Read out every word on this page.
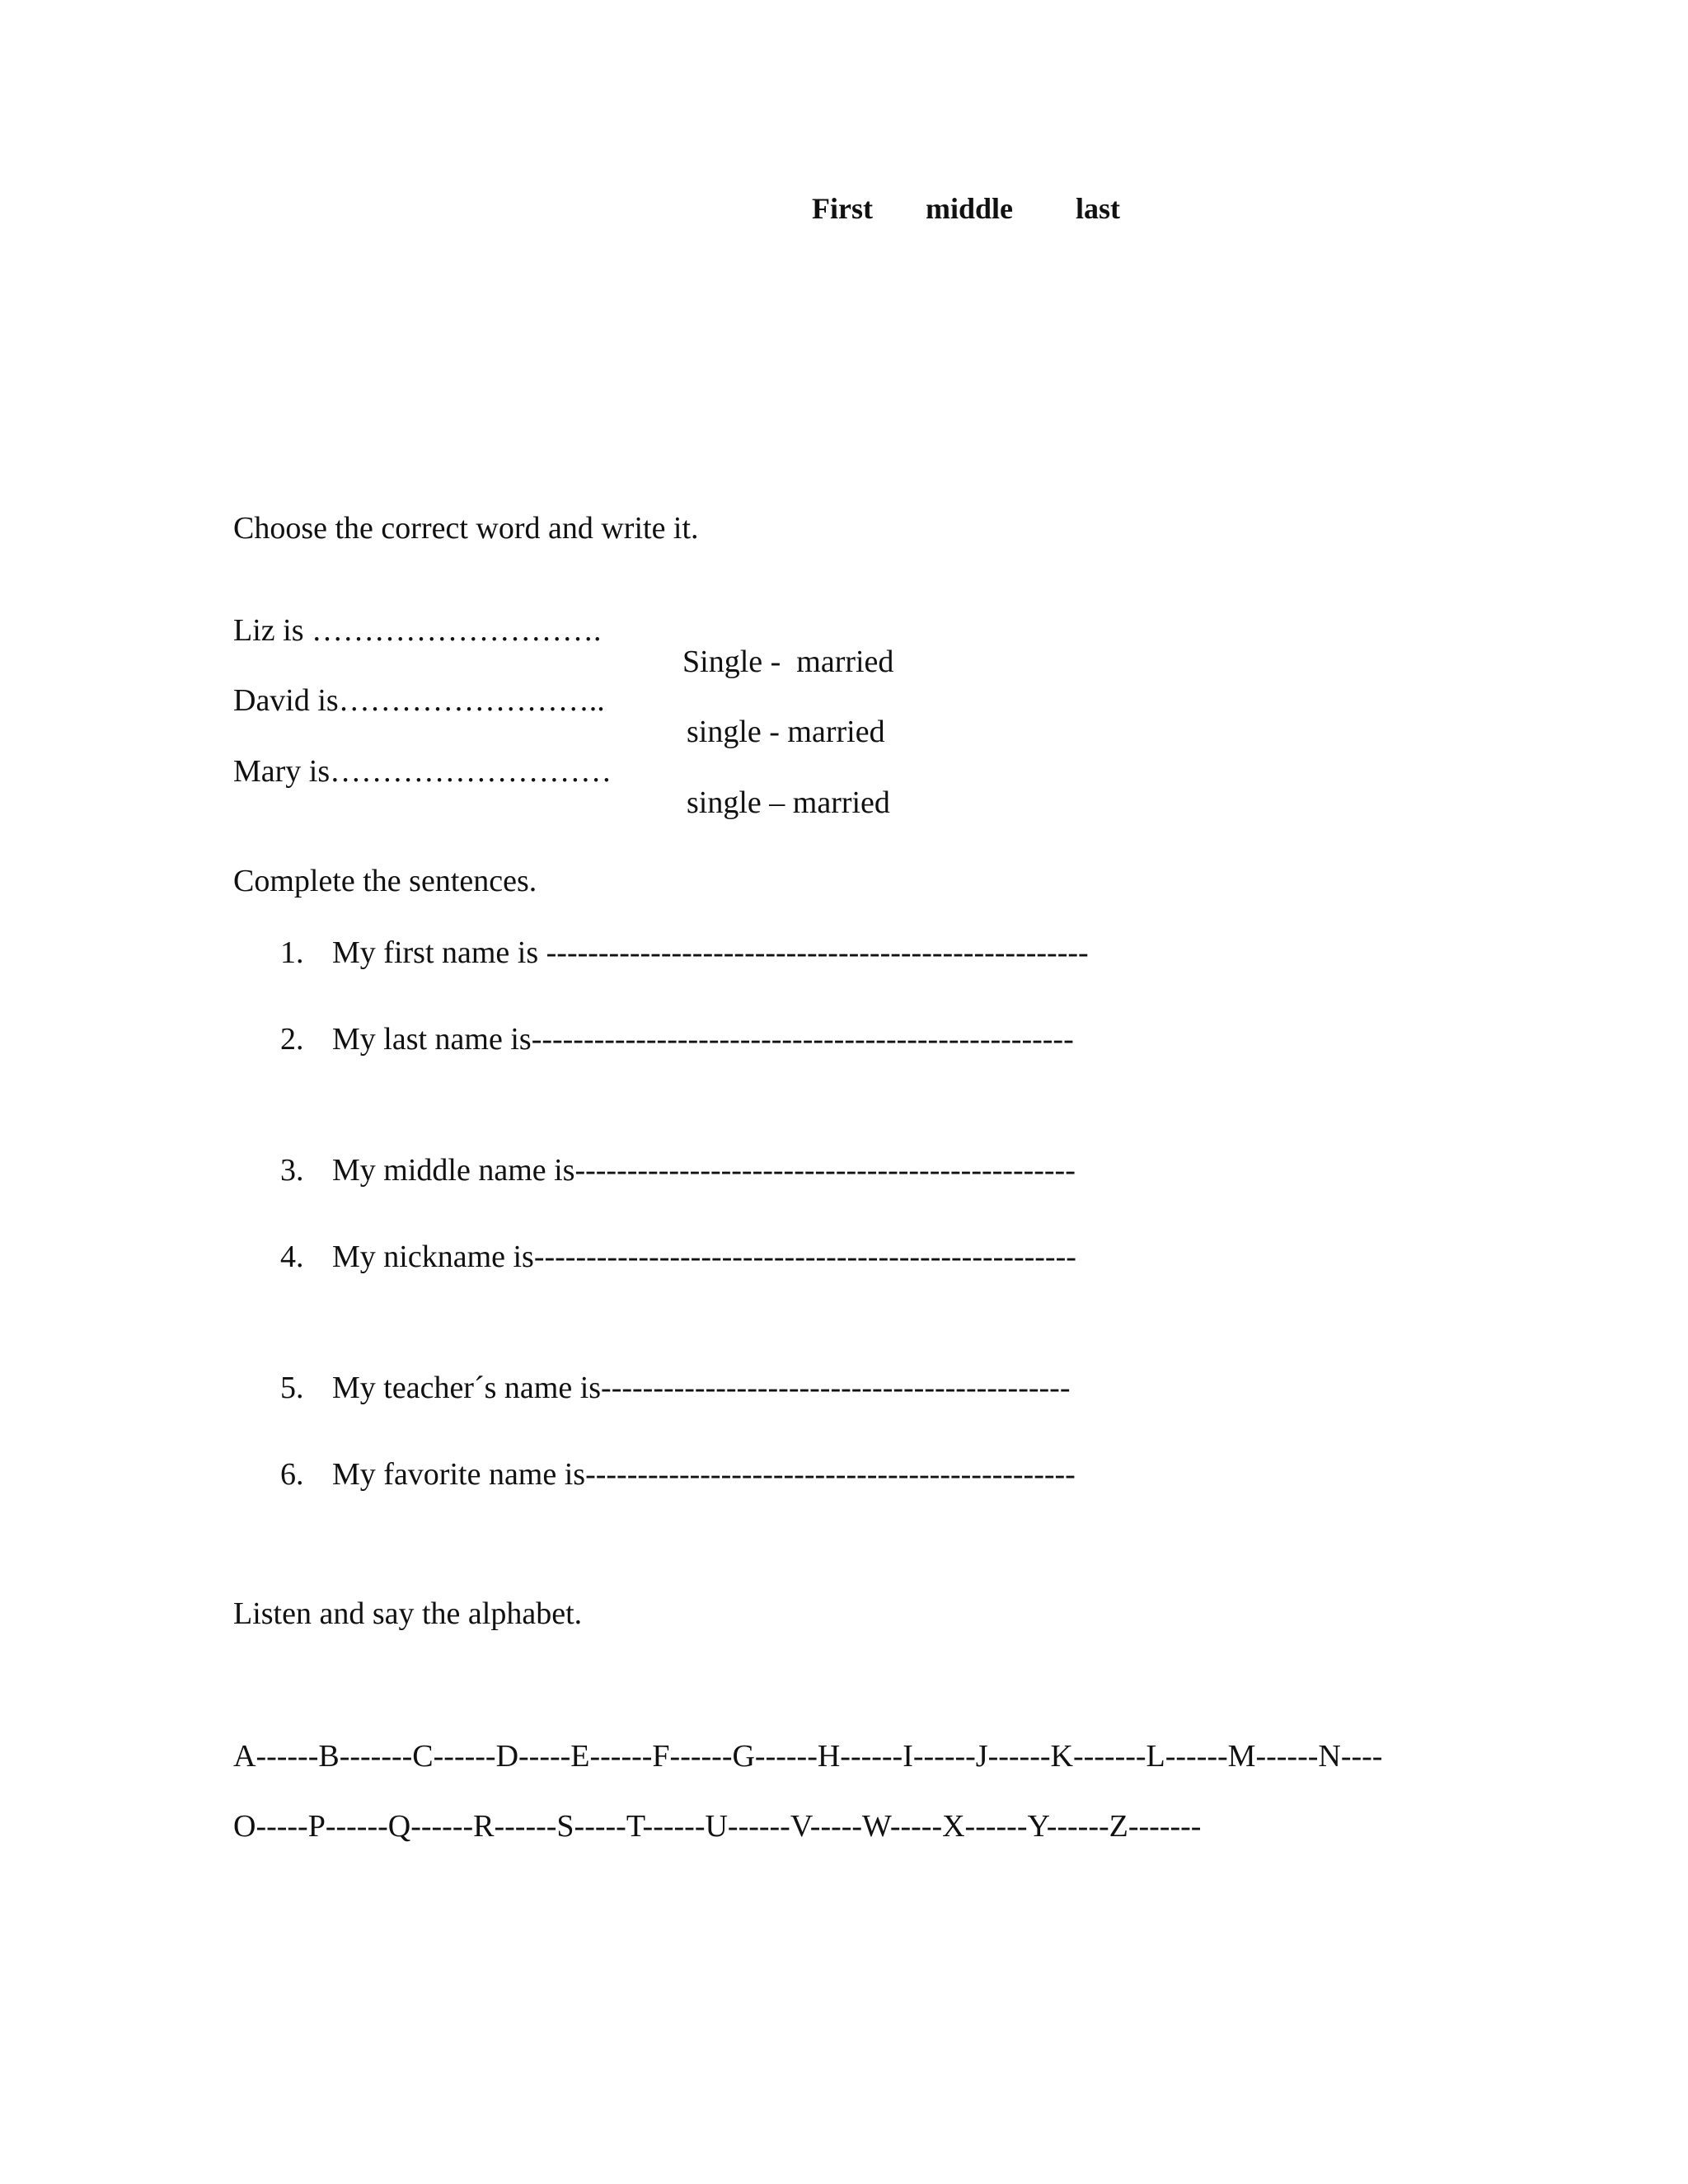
First middle last
Choose the correct word and write it.

Liz is ……………………….

Single -  married

David is……………………..

single - married

Mary is………………………

single – married

Complete the sentences.
1. My first name is ----------------------------------------------------
2. My last name is----------------------------------------------------
3. My middle name is------------------------------------------------
4. My nickname is----------------------------------------------------
5. My teacher´s name is---------------------------------------------
6. My favorite name is-----------------------------------------------
Listen and say the alphabet.
A------B-------C------D-----E------F------G------H------I------J------K-------L------M------N----
O-----P------Q------R------S-----T------U------V-----W-----X------Y------Z-------
